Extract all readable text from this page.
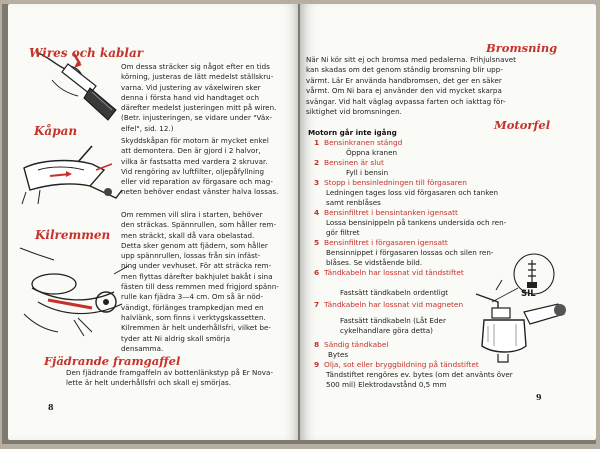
Wires och kablar
Om dessa sträcker sig något efter en tids
körning, justeras de lätt medelst ställskru-
varna. Vid justering av växelwiren sker
denna i första hand vid handtaget och
därefter medelst justeringen mitt på wiren.
(Betr. injusteringen, se vidare under "Väx-
elfel", sid. 12.)
Kåpan
Skyddskåpan för motorn är mycket enkel
att demontera. Den är gjord i 2 halvor,
vilka är fastsatta med vardera 2 skruvar.
Vid rengöring av luftfilter, oljepåfyllning
eller vid reparation av förgasare och mag-
neten behöver endast vänster halva lossas.
Kilremmen
Om remmen vill slira i starten, behöver
den sträckas. Spännrullen, som håller rem-
men sträckt, skall då vara obelastad.
Detta sker genom att fjädern, som håller
upp spännrullen, lossas från sin infäst-
ning under vevhuset. För att sträcka rem-
men flyttas därefter bakhjulet bakåt i sina
fästen till dess remmen med frigjord spänn-
rulle kan fjädra 3—4 cm. Om så är nöd-
vändigt, förlänges trampkedjan med en
halvlänk, som finns i verktygskassetten.
Kilremmen är helt underhållsfri, vilket be-
tyder att Ni aldrig skall smörja
densamma.
Fjädrande framgaffel
Den fjädrande framgaffeln av bottenlänkstyp på Er Nova-
lette är helt underhållsfri och skall ej smörjas.
8
Bromsning
När Ni kör sitt ej och bromsa med pedalerna. Frihjulsnavet
kan skadas om det genom ständig bromsning blir upp-
värmt. Lär Er använda handbromsen, det ger en säker
vårmt. Om Ni bara ej använder den vid mycket skarpa
svängar. Vid halt väglag avpassa farten och iakttag för-
siktighet vid bromsningen.
Motorfel
Motorn går inte igång
SIL
1 Bensinkranen stängd
Öppna kranen
2 Bensinen är slut
Fyll i bensin
3 Stopp i bensinledningen till förgasaren
Ledningen tages loss vid förgasaren och tanken
samt renblåses
4 Bensinfiltret i bensintanken igensatt
Lossa bensinippeln på tankens undersida och ren-
gör filtret
5 Bensinfiltret i förgasaren igensatt
Bensinnippet i förgasaren lossas och silen ren-
blåses. Se vidstående bild.
6 Tändkabeln har lossnat vid tändstiftet
Fastsätt tändkabeln ordentligt
7 Tändkabeln har lossnat vid magneten
Fastsätt tändkabeln (Låt Eder
cykelhandlare göra detta)
8 Sändig tändkabel
Bytes
9 Olja, sot eller bryggbildning på tändstiftet
Tändstiftet rengöres ev. bytes (om det använts över
500 mil) Elektrodavstånd 0,5 mm
9
